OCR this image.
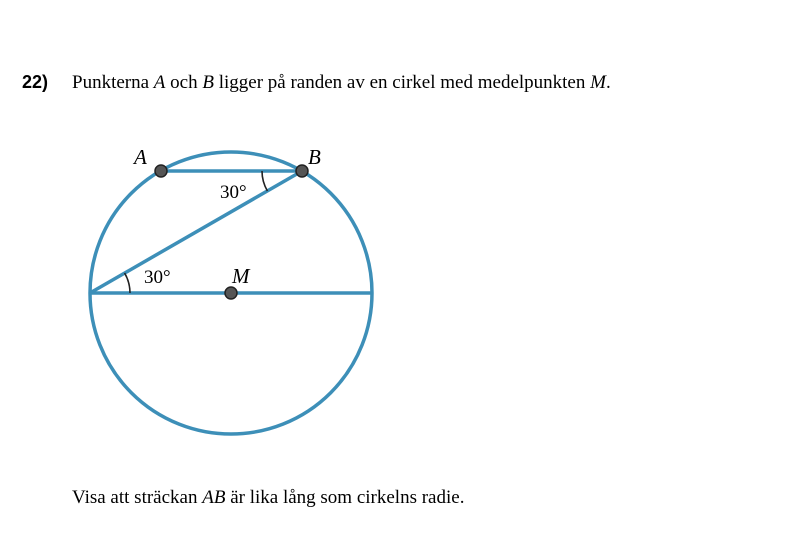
22) Punkterna A och B ligger på randen av en cirkel med medelpunkten M.
A	B
M
30°
30°
Visa att sträckan AB är lika lång som cirkelns radie.
